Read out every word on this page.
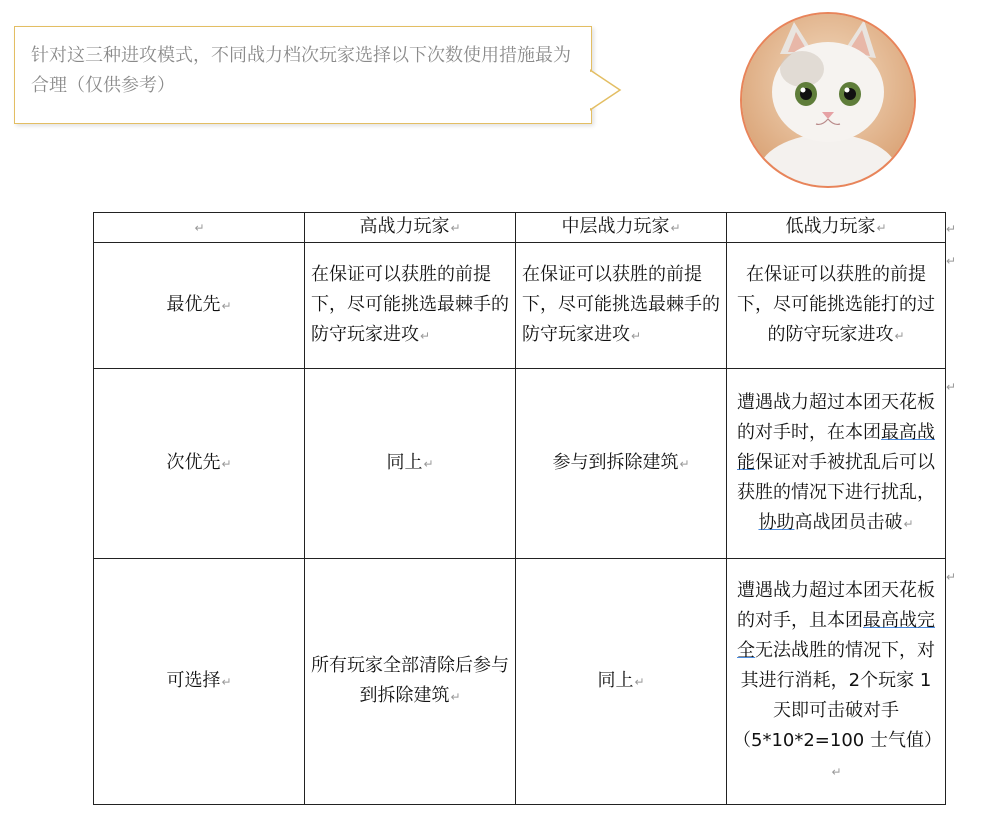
针对这三种进攻模式，不同战力档次玩家选择以下次数使用措施最为合理（仅供参考）
↵	高战力玩家↵	中层战力玩家↵	低战力玩家↵
最优先↵	在保证可以获胜的前提下，尽可能挑选最棘手的防守玩家进攻↵	在保证可以获胜的前提下，尽可能挑选最棘手的防守玩家进攻↵	在保证可以获胜的前提下，尽可能挑选能打的过的防守玩家进攻↵
次优先↵	同上↵	参与到拆除建筑↵	遭遇战力超过本团天花板的对手时，在本团最高战能保证对手被扰乱后可以获胜的情况下进行扰乱，协助高战团员击破↵
可选择↵	所有玩家全部清除后参与到拆除建筑↵	同上↵	遭遇战力超过本团天花板的对手，且本团最高战完全无法战胜的情况下，对其进行消耗，2个玩家 1 天即可击破对手
（5*10*2=100 士气值）↵
↵
↵
↵
↵
